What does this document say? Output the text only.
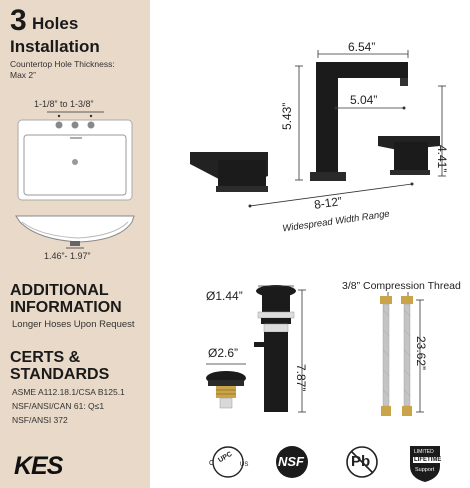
3 Holes
Installation
Countertop Hole Thickness:
Max 2”
1-1/8” to 1-3/8”
1.46”- 1.97”
ADDITIONAL
INFORMATION
Longer Hoses Upon Request
CERTS &
STANDARDS
ASME A112.18.1/CSA B125.1
NSF/ANSI/CAN 61: Q≤1
NSF/ANSI 372
KES
6.54”
5.04”
5.43”
4.41”
8-12”
Widespread Width Range
Ø1.44”
Ø2.6”
7.87”
3/8” Compression Thread
23.62”
UPC
C	US NSF	Pb
LIMITED
LIFETIME
Support
